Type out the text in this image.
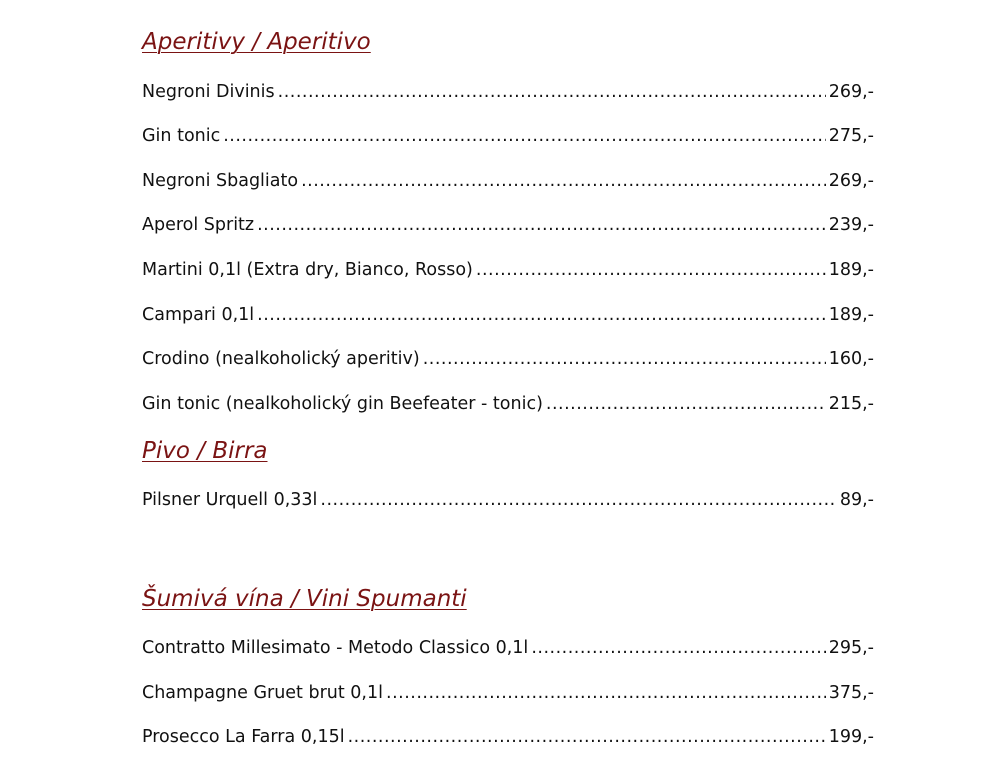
Aperitivy / Aperitivo
Negroni Divinis .....	269,-
Gin tonic .....	275,-
Negroni Sbagliato .....	269,-
Aperol Spritz .....	239,-
Martini 0,1l (Extra dry, Bianco, Rosso) .....	189,-
Campari 0,1l .....	189,-
Crodino (nealkoholický aperitiv) .....	160,-
Gin tonic (nealkoholický gin Beefeater - tonic) .....	215,-
Pivo / Birra
Pilsner Urquell 0,33l .....	89,-
Šumivá vína / Vini Spumanti
Contratto Millesimato - Metodo Classico 0,1l .....	295,-
Champagne Gruet brut 0,1l .....	375,-
Prosecco La Farra 0,15l .....	199,-
